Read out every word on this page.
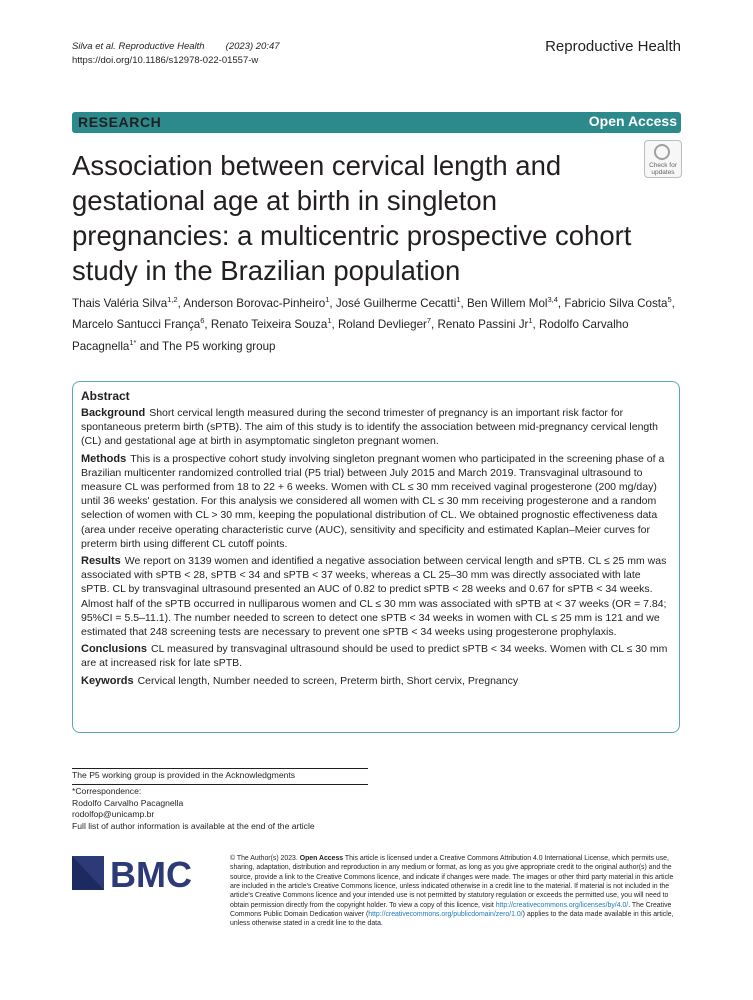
Silva et al. Reproductive Health (2023) 20:47
https://doi.org/10.1186/s12978-022-01557-w
Reproductive Health
RESEARCH	Open Access
Association between cervical length and gestational age at birth in singleton pregnancies: a multicentric prospective cohort study in the Brazilian population
Check for
updates
Thais Valéria Silva$^{1,2}$, Anderson Borovac-Pinheiro$^1$, José Guilherme Cecatti$^1$, Ben Willem Mol$^{3,4}$, Fabricio Silva Costa$^5$, Marcelo Santucci França$^6$, Renato Teixeira Souza$^1$, Roland Devlieger$^7$, Renato Passini Jr$^1$, Rodolfo Carvalho Pacagnella$^{1*}$ and The P5 working group
Abstract
Background Short cervical length measured during the second trimester of pregnancy is an important risk factor for spontaneous preterm birth (sPTB). The aim of this study is to identify the association between mid-pregnancy cervical length (CL) and gestational age at birth in asymptomatic singleton pregnant women.
Methods This is a prospective cohort study involving singleton pregnant women who participated in the screening phase of a Brazilian multicenter randomized controlled trial (P5 trial) between July 2015 and March 2019. Transvaginal ultrasound to measure CL was performed from 18 to 22 + 6 weeks. Women with CL ≤ 30 mm received vaginal progesterone (200 mg/day) until 36 weeks' gestation. For this analysis we considered all women with CL ≤ 30 mm receiving progesterone and a random selection of women with CL > 30 mm, keeping the populational distribution of CL. We obtained prognostic effectiveness data (area under receive operating characteristic curve (AUC), sensitivity and specificity and estimated Kaplan–Meier curves for preterm birth using different CL cutoff points.
Results We report on 3139 women and identified a negative association between cervical length and sPTB. CL ≤ 25 mm was associated with sPTB < 28, sPTB < 34 and sPTB < 37 weeks, whereas a CL 25–30 mm was directly associated with late sPTB. CL by transvaginal ultrasound presented an AUC of 0.82 to predict sPTB < 28 weeks and 0.67 for sPTB < 34 weeks. Almost half of the sPTB occurred in nulliparous women and CL ≤ 30 mm was associated with sPTB at < 37 weeks (OR = 7.84; 95%CI = 5.5–11.1). The number needed to screen to detect one sPTB < 34 weeks in women with CL ≤ 25 mm is 121 and we estimated that 248 screening tests are necessary to prevent one sPTB < 34 weeks using progesterone prophylaxis.
Conclusions CL measured by transvaginal ultrasound should be used to predict sPTB < 34 weeks. Women with CL ≤ 30 mm are at increased risk for late sPTB.
Keywords Cervical length, Number needed to screen, Preterm birth, Short cervix, Pregnancy
The P5 working group is provided in the Acknowledgments
*Correspondence:
Rodolfo Carvalho Pacagnella
rodolfop@unicamp.br
Full list of author information is available at the end of the article
BMC	© The Author(s) 2023. Open Access This article is licensed under a Creative Commons Attribution 4.0 International License, which permits use, sharing, adaptation, distribution and reproduction in any medium or format, as long as you give appropriate credit to the original author(s) and the source, provide a link to the Creative Commons licence, and indicate if changes were made. The images or other third party material in this article are included in the article's Creative Commons licence, unless indicated otherwise in a credit line to the material. If material is not included in the article's Creative Commons licence and your intended use is not permitted by statutory regulation or exceeds the permitted use, you will need to obtain permission directly from the copyright holder. To view a copy of this licence, visit http://creativecommons.org/licenses/by/4.0/. The Creative Commons Public Domain Dedication waiver (http://creativecommons.org/publicdomain/zero/1.0/) applies to the data made available in this article, unless otherwise stated in a credit line to the data.
